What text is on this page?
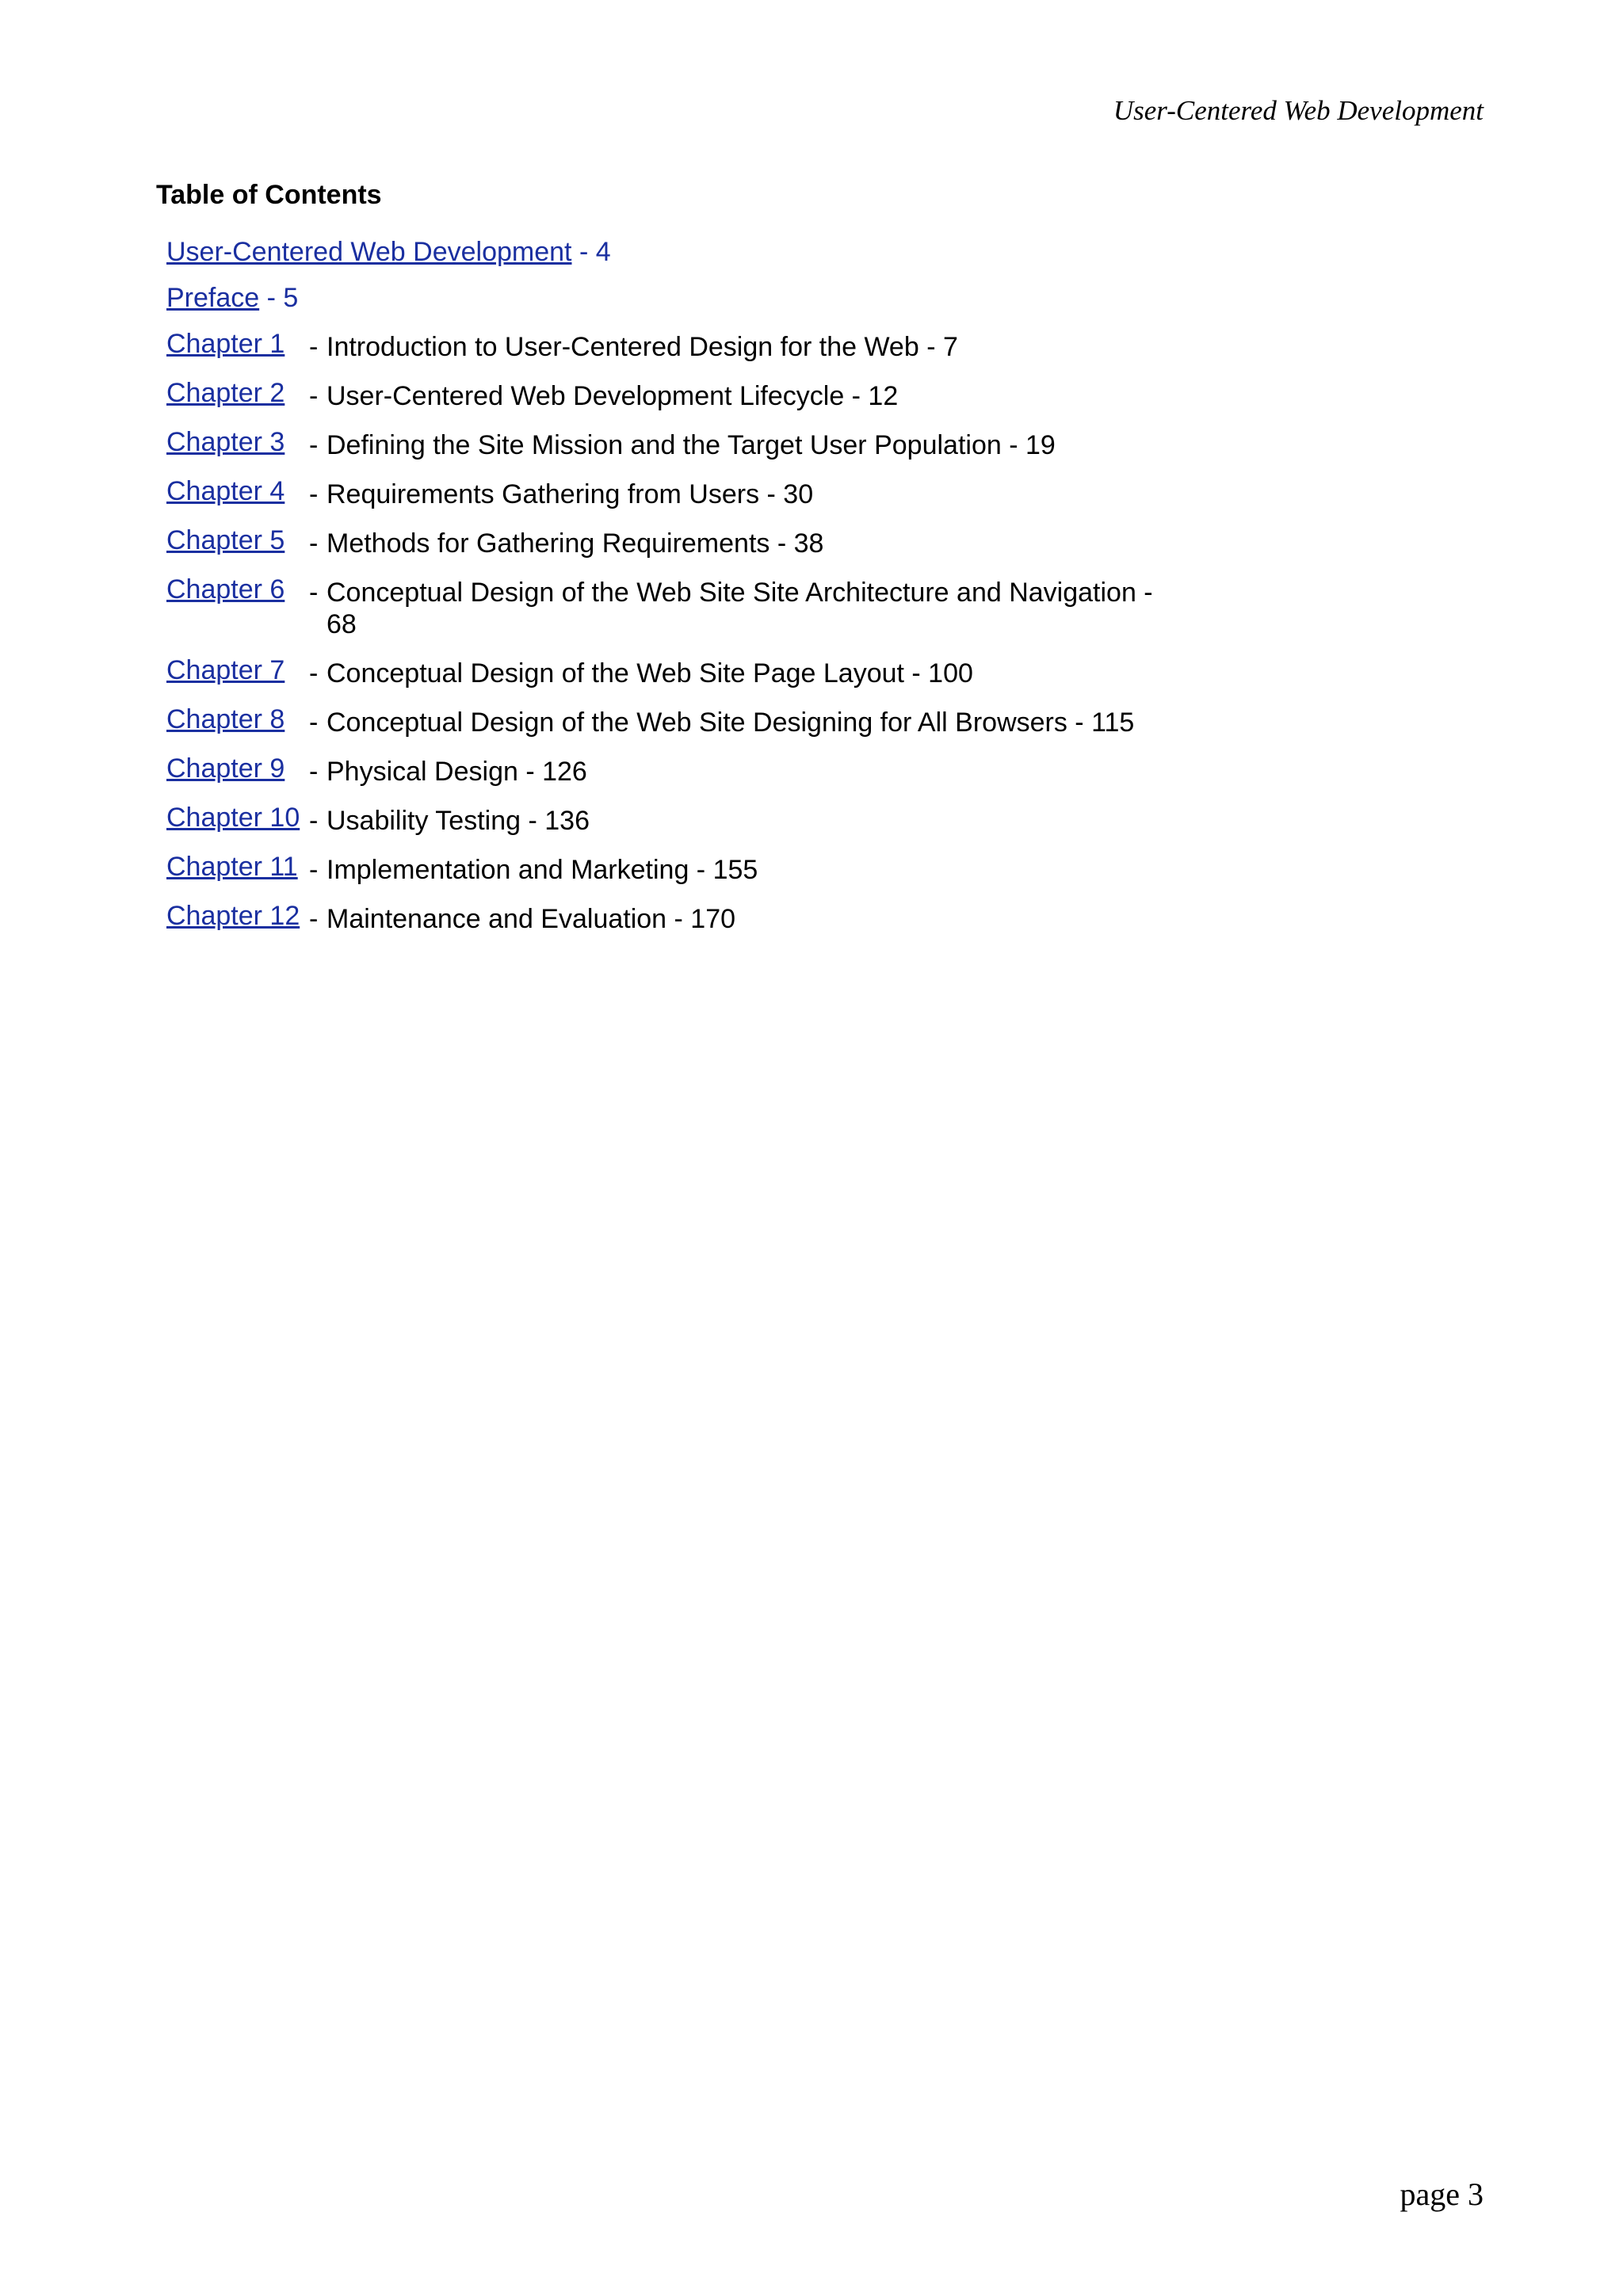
User-Centered Web Development
Table of Contents
User-Centered Web Development - 4
Preface - 5
Chapter 1	-	Introduction to User-Centered Design for the Web - 7
Chapter 2	-	User-Centered Web Development Lifecycle - 12
Chapter 3	-	Defining the Site Mission and the Target User Population - 19
Chapter 4	-	Requirements Gathering from Users - 30
Chapter 5	-	Methods for Gathering Requirements - 38
Chapter 6	-	Conceptual Design of the Web Site Site Architecture and Navigation - 68
Chapter 7	-	Conceptual Design of the Web Site Page Layout - 100
Chapter 8	-	Conceptual Design of the Web Site Designing for All Browsers - 115
Chapter 9	-	Physical Design - 126
Chapter 10	-	Usability Testing - 136
Chapter 11	-	Implementation and Marketing - 155
Chapter 12	-	Maintenance and Evaluation - 170
page 3
